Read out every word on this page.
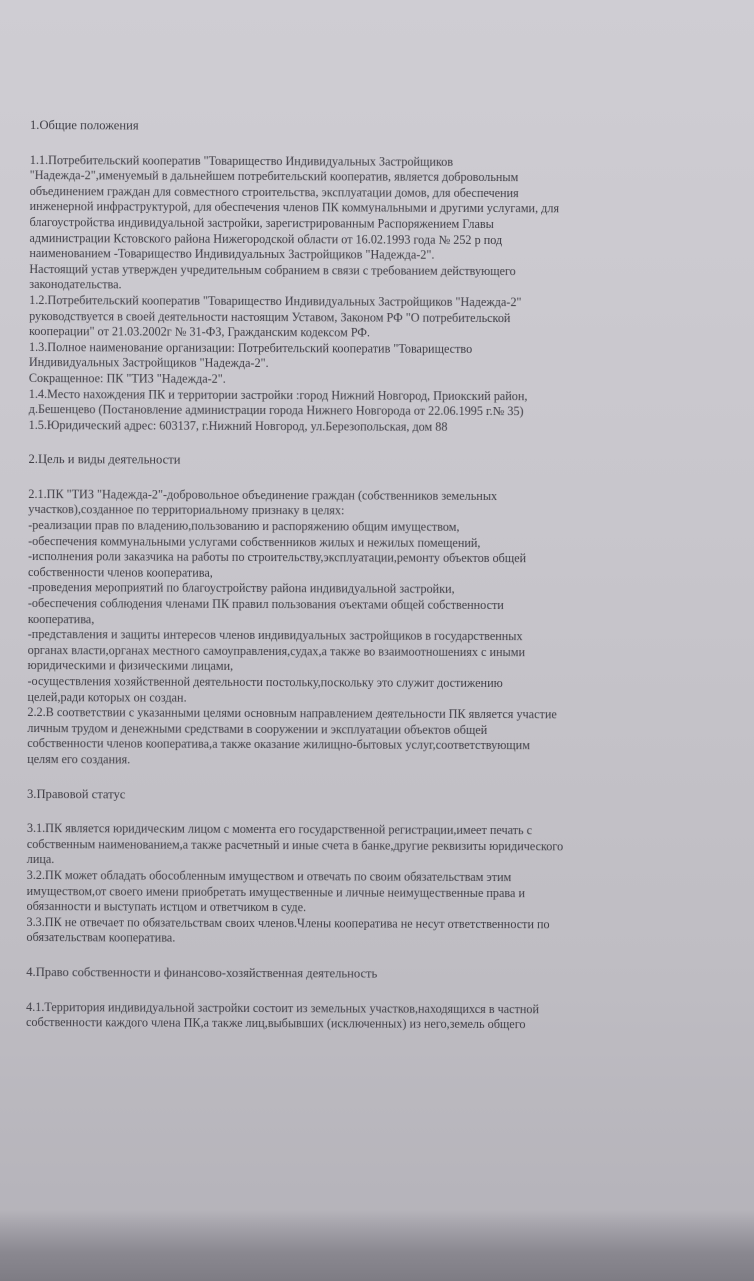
1.Общие положения

1.1.Потребительский кооператив "Товарищество Индивидуальных Застройщиков

"Надежда-2",именуемый в дальнейшем потребительский кооператив, является добровольным

объединением граждан для совместного строительства, эксплуатации домов, для обеспечения

инженерной инфраструктурой, для обеспечения членов ПК коммунальными и другими услугами, для

благоустройства индивидуальной застройки, зарегистрированным Распоряжением Главы

администрации Кстовского района Нижегородской области от 16.02.1993 года № 252 р под

наименованием -Товарищество Индивидуальных Застройщиков "Надежда-2".

Настоящий устав утвержден учредительным собранием в связи с требованием действующего

законодательства.

1.2.Потребительский кооператив "Товарищество Индивидуальных Застройщиков "Надежда-2"

руководствуется в своей деятельности настоящим Уставом, Законом РФ "О потребительской

кооперации" от 21.03.2002г № 31-ФЗ, Гражданским кодексом РФ.

1.3.Полное наименование организации: Потребительский кооператив "Товарищество

Индивидуальных Застройщиков "Надежда-2".

Сокращенное: ПК "ТИЗ "Надежда-2".

1.4.Место нахождения ПК и территории застройки :город Нижний Новгород, Приокский район,

д.Бешенцево (Постановление администрации города Нижнего Новгорода от 22.06.1995 г.№ 35)

1.5.Юридический адрес: 603137, г.Нижний Новгород, ул.Березопольская, дом 88

2.Цель и виды деятельности

2.1.ПК "ТИЗ "Надежда-2"-добровольное объединение граждан (собственников земельных

участков),созданное по территориальному признаку в целях:

-реализации прав по владению,пользованию и распоряжению общим имуществом,

-обеспечения коммунальными услугами собственников жилых и нежилых помещений,

-исполнения роли заказчика на работы по строительству,эксплуатации,ремонту объектов общей

собственности членов кооператива,

-проведения мероприятий по благоустройству района индивидуальной застройки,

-обеспечения соблюдения членами ПК правил пользования оъектами общей собственности

кооператива,

-представления и защиты интересов членов индивидуальных застройщиков в государственных

органах власти,органах местного самоуправления,судах,а также во взаимоотношениях с иными

юридическими и физическими лицами,

-осуществления хозяйственной деятельности постольку,поскольку это служит достижению

целей,ради которых он создан.

2.2.В соответствии с указанными целями основным направлением деятельности ПК является участие

личным трудом и денежными средствами в сооружении и эксплуатации объектов общей

собственности членов кооператива,а также оказание жилищно-бытовых услуг,соответствующим

целям его создания.

3.Правовой статус

3.1.ПК является юридическим лицом с момента его государственной регистрации,имеет печать с

собственным наименованием,а также расчетный и иные счета в банке,другие реквизиты юридического

лица.

3.2.ПК может обладать обособленным имуществом и отвечать по своим обязательствам этим

имуществом,от своего имени приобретать имущественные и личные неимущественные права и

обязанности и выступать истцом и ответчиком в суде.

3.3.ПК не отвечает по обязательствам своих членов.Члены кооператива не несут ответственности по

обязательствам кооператива.

4.Право собственности и финансово-хозяйственная деятельность

4.1.Территория индивидуальной застройки состоит из земельных участков,находящихся в частной

собственности каждого члена ПК,а также лиц,выбывших (исключенных) из него,земель общего
